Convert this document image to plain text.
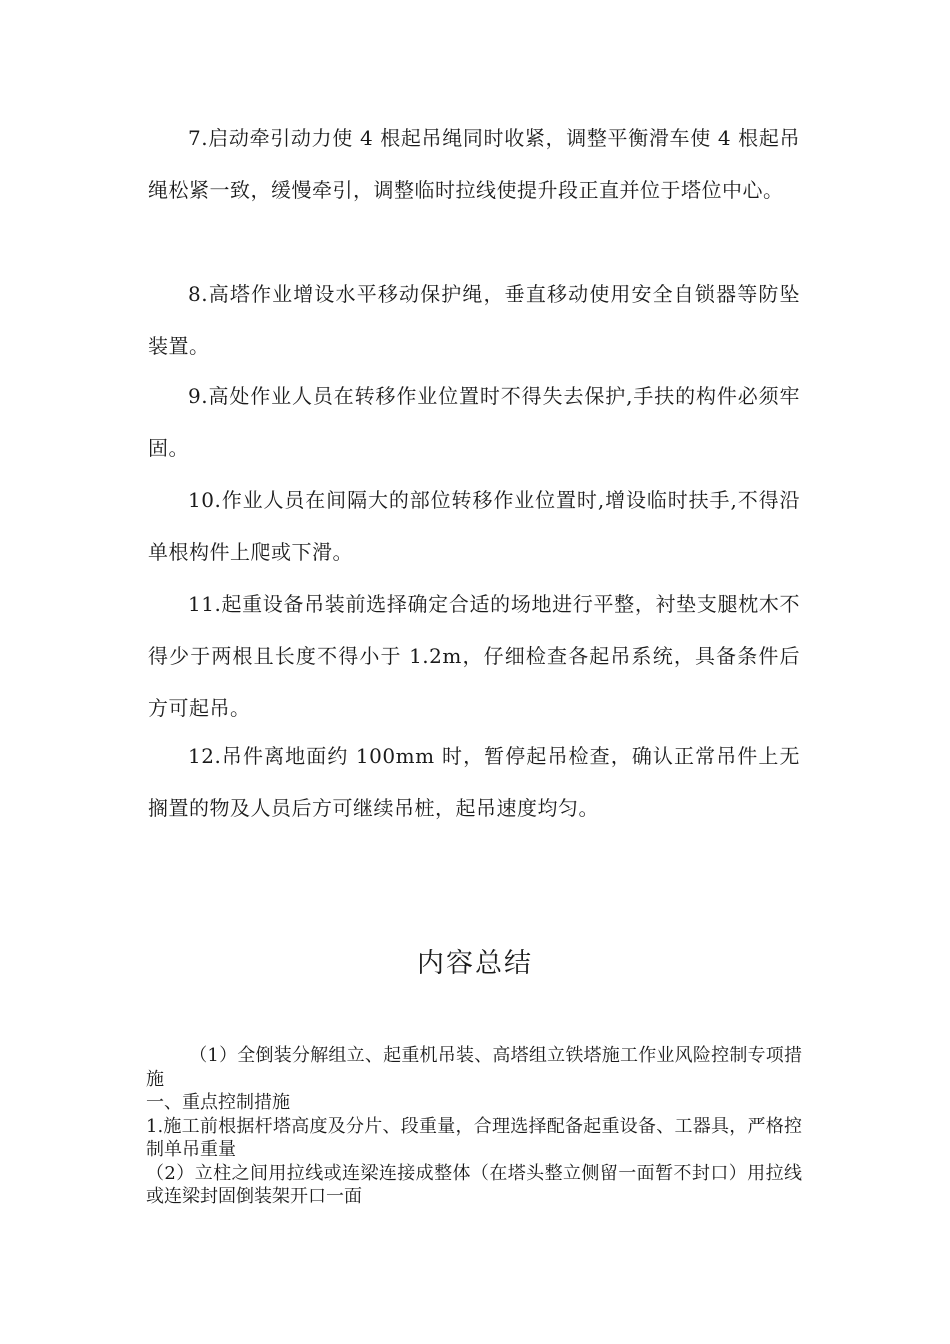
7.启动牵引动力使 4 根起吊绳同时收紧，调整平衡滑车使 4 根起吊绳松紧一致，缓慢牵引，调整临时拉线使提升段正直并位于塔位中心。

8.高塔作业增设水平移动保护绳，垂直移动使用安全自锁器等防坠装置。

9.高处作业人员在转移作业位置时不得失去保护,手扶的构件必须牢固。

10.作业人员在间隔大的部位转移作业位置时,增设临时扶手,不得沿单根构件上爬或下滑。

11.起重设备吊装前选择确定合适的场地进行平整，衬垫支腿枕木不得少于两根且长度不得小于 1.2m，仔细检查各起吊系统，具备条件后方可起吊。

12.吊件离地面约 100mm 时，暂停起吊检查，确认正常吊件上无搁置的物及人员后方可继续吊桩，起吊速度均匀。

内容总结

（1）全倒装分解组立、起重机吊装、高塔组立铁塔施工作业风险控制专项措施

一、重点控制措施

1.施工前根据杆塔高度及分片、段重量，合理选择配备起重设备、工器具，严格控制单吊重量

（2）立柱之间用拉线或连梁连接成整体（在塔头整立侧留一面暂不封口）用拉线或连梁封固倒装架开口一面
